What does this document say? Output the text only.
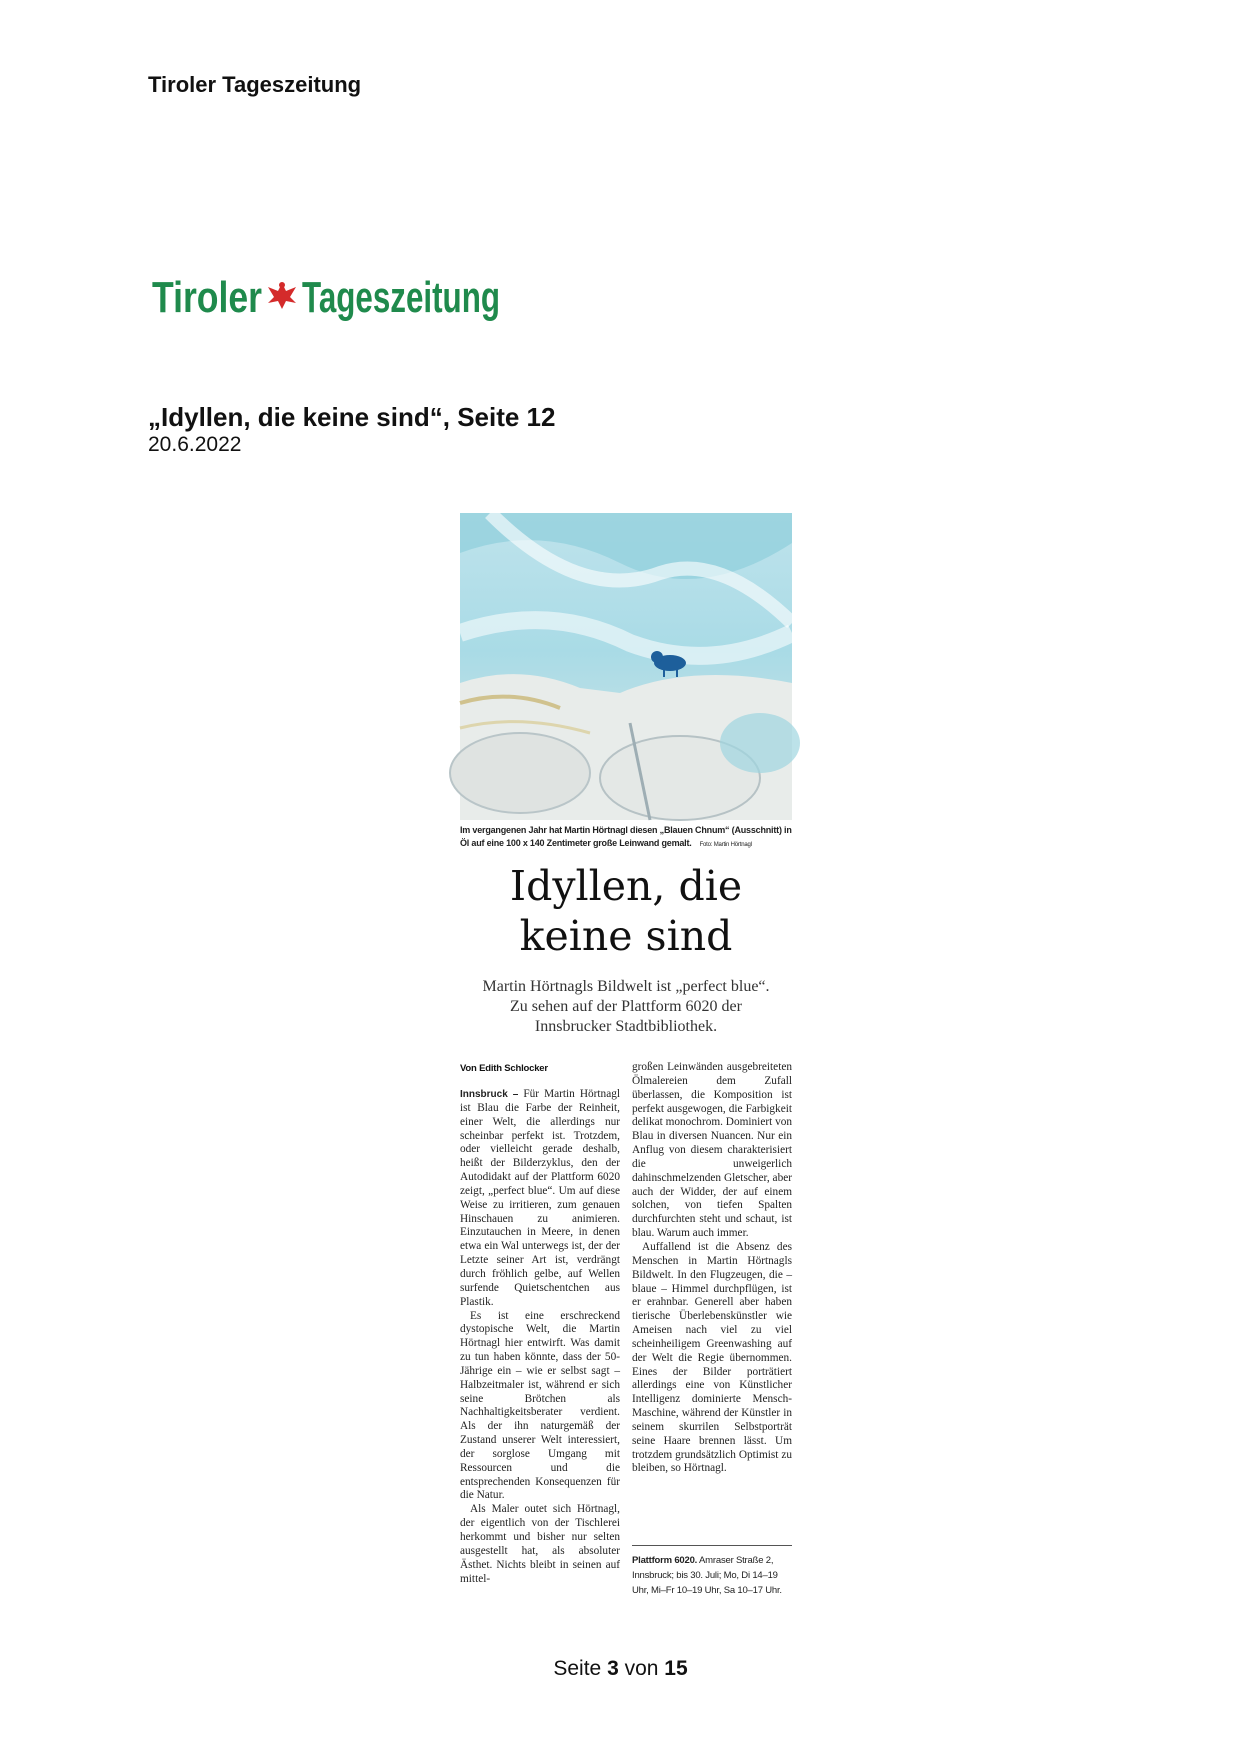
Tiroler Tageszeitung
Tiroler Tageszeitung
„Idyllen, die keine sind“, Seite 12
20.6.2022
Im vergangenen Jahr hat Martin Hörtnagl diesen „Blauen Chnum“ (Ausschnitt) in Öl auf eine 100 x 140 Zentimeter große Leinwand gemalt. Foto: Martin Hörtnagl
Idyllen, die
keine sind
Martin Hörtnagls Bildwelt ist „perfect blue“. Zu sehen auf der Plattform 6020 der Innsbrucker Stadtbibliothek.
Von Edith Schlocker

Innsbruck – Für Martin Hörtnagl ist Blau die Farbe der Reinheit, einer Welt, die allerdings nur scheinbar perfekt ist. Trotzdem, oder vielleicht gerade deshalb, heißt der Bilderzyklus, den der Autodidakt auf der Plattform 6020 zeigt, „perfect blue“. Um auf diese Weise zu irritieren, zum genauen Hinschauen zu animieren. Einzutauchen in Meere, in denen etwa ein Wal unterwegs ist, der der Letzte seiner Art ist, verdrängt durch fröhlich gelbe, auf Wellen surfende Quietschentchen aus Plastik.

Es ist eine erschreckend dystopische Welt, die Martin Hörtnagl hier entwirft. Was damit zu tun haben könnte, dass der 50-Jährige ein – wie er selbst sagt – Halbzeitmaler ist, während er sich seine Brötchen als Nachhaltigkeitsberater verdient. Als der ihn naturgemäß der Zustand unserer Welt interessiert, der sorglose Umgang mit Ressourcen und die entsprechenden Konsequenzen für die Natur.

Als Maler outet sich Hörtnagl, der eigentlich von der Tischlerei herkommt und bisher nur selten ausgestellt hat, als absoluter Ästhet. Nichts bleibt in seinen auf mittel-

großen Leinwänden ausgebreiteten Ölmalereien dem Zufall überlassen, die Komposition ist perfekt ausgewogen, die Farbigkeit delikat monochrom. Dominiert von Blau in diversen Nuancen. Nur ein Anflug von diesem charakterisiert die unweigerlich dahinschmelzenden Gletscher, aber auch der Widder, der auf einem solchen, von tiefen Spalten durchfurchten steht und schaut, ist blau. Warum auch immer.

Auffallend ist die Absenz des Menschen in Martin Hörtnagls Bildwelt. In den Flugzeugen, die – blaue – Himmel durchpflügen, ist er erahnbar. Generell aber haben tierische Überlebenskünstler wie Ameisen nach viel zu viel scheinheiligem Greenwashing auf der Welt die Regie übernommen. Eines der Bilder porträtiert allerdings eine von Künstlicher Intelligenz dominierte Mensch-Maschine, während der Künstler in seinem skurrilen Selbstporträt seine Haare brennen lässt. Um trotzdem grundsätzlich Optimist zu bleiben, so Hörtnagl.

Plattform 6020. Amraser Straße 2, Innsbruck; bis 30. Juli; Mo, Di 14–19 Uhr, Mi–Fr 10–19 Uhr, Sa 10–17 Uhr.
Seite 3 von 15
